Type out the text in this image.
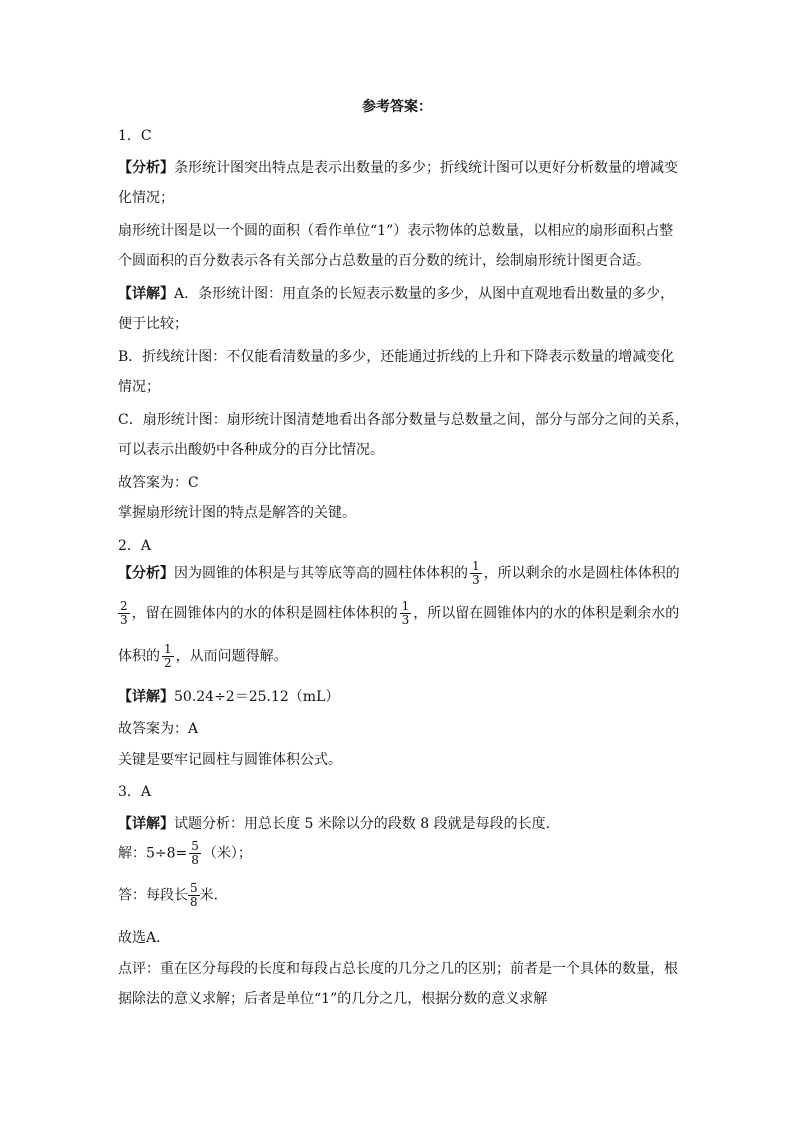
参考答案：
1．C
【分析】条形统计图突出特点是表示出数量的多少；折线统计图可以更好分析数量的增减变
化情况；
扇形统计图是以一个圆的面积（看作单位“1”）表示物体的总数量，以相应的扇形面积占整
个圆面积的百分数表示各有关部分占总数量的百分数的统计，绘制扇形统计图更合适。
【详解】A．条形统计图：用直条的长短表示数量的多少，从图中直观地看出数量的多少，
便于比较；
B．折线统计图：不仅能看清数量的多少，还能通过折线的上升和下降表示数量的增减变化
情况；
C．扇形统计图：扇形统计图清楚地看出各部分数量与总数量之间，部分与部分之间的关系，
可以表示出酸奶中各种成分的百分比情况。
故答案为：C
掌握扇形统计图的特点是解答的关键。
2．A
【分析】因为圆锥的体积是与其等底等高的圆柱体体积的 $\frac{1}{3}$ ，所以剩余的水是圆柱体体积的
$\frac{2}{3}$ ，留在圆锥体内的水的体积是圆柱体体积的 $\frac{1}{3}$ ，所以留在圆锥体内的水的体积是剩余水的
体积的 $\frac{1}{2}$ ，从而问题得解。
【详解】50.24÷2＝25.12（mL）
故答案为：A
关键是要牢记圆柱与圆锥体积公式。
3．A
【详解】试题分析：用总长度 5 米除以分的段数 8 段就是每段的长度．
解：$5\div 8= \frac{5}{8}$ （米）；
答：每段长 $\frac{5}{8}$ 米．
故选A．
点评：重在区分每段的长度和每段占总长度的几分之几的区别；前者是一个具体的数量，根
据除法的意义求解；后者是单位“1”的几分之几，根据分数的意义求解
